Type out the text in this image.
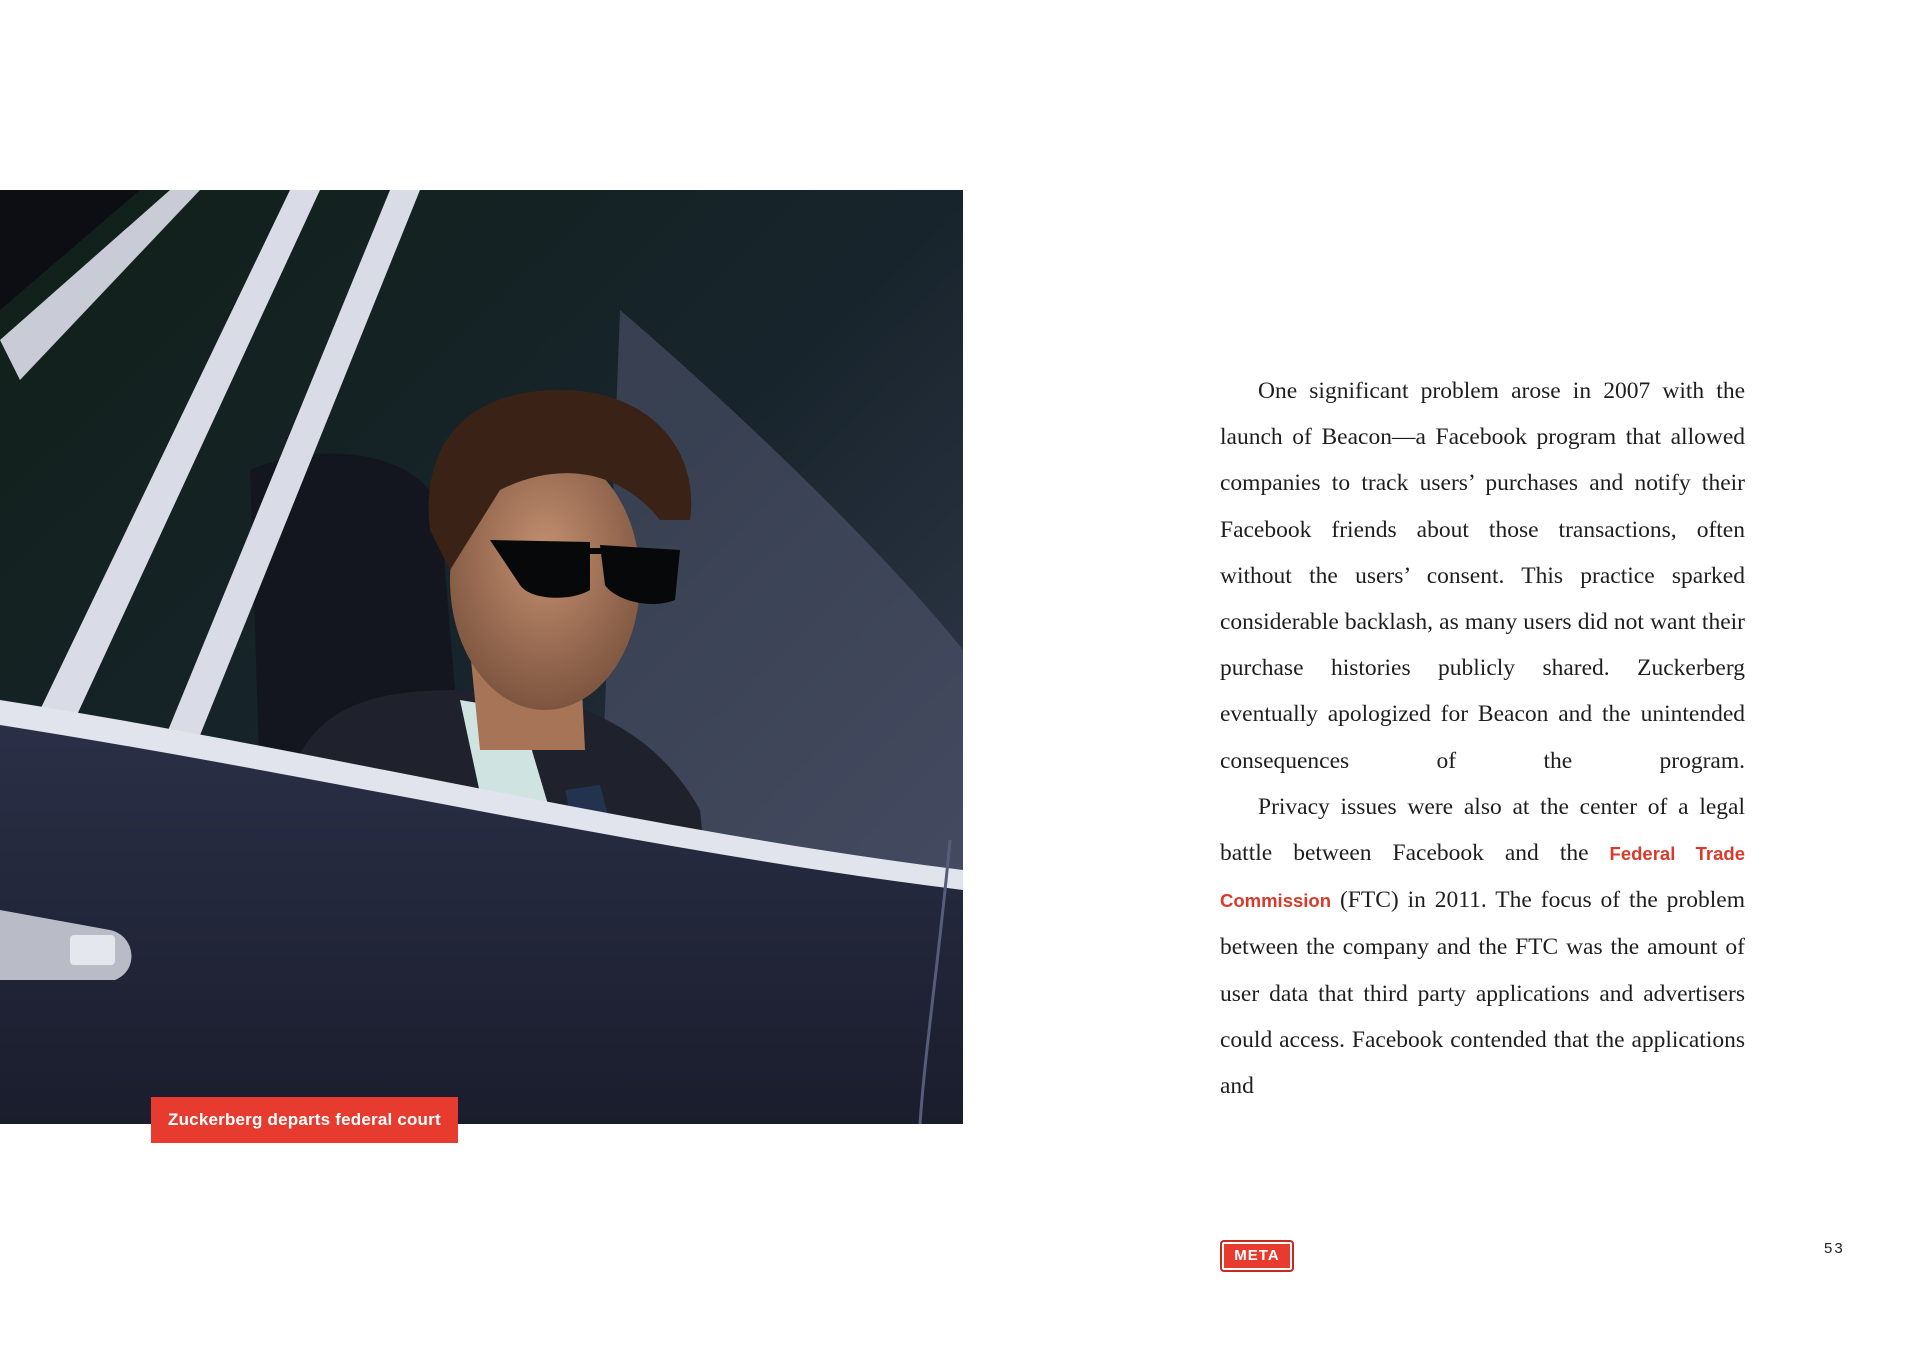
Zuckerberg departs federal court

One significant problem arose in 2007 with the launch of Beacon—a Facebook program that allowed companies to track users’ purchases and notify their Facebook friends about those transactions, often without the users’ consent. This practice sparked considerable backlash, as many users did not want their purchase histories publicly shared. Zuckerberg eventually apologized for Beacon and the unintended consequences of the program.

Privacy issues were also at the center of a legal battle between Facebook and the Federal Trade Commission (FTC) in 2011. The focus of the problem between the company and the FTC was the amount of user data that third party applications and advertisers could access. Facebook contended that the applications and

META	53
